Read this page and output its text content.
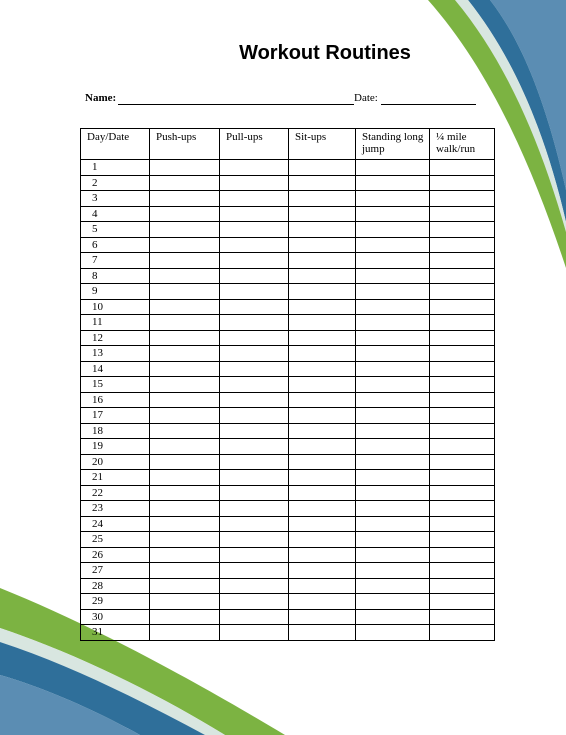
Workout Routines
Name:	Date:
Day/Date	Push-ups	Pull-ups	Sit-ups	Standing long jump	¼ mile walk/run
1					
2					
3					
4					
5					
6					
7					
8					
9					
10					
11					
12					
13					
14					
15					
16					
17					
18					
19					
20					
21					
22					
23					
24					
25					
26					
27					
28					
29					
30					
31					
